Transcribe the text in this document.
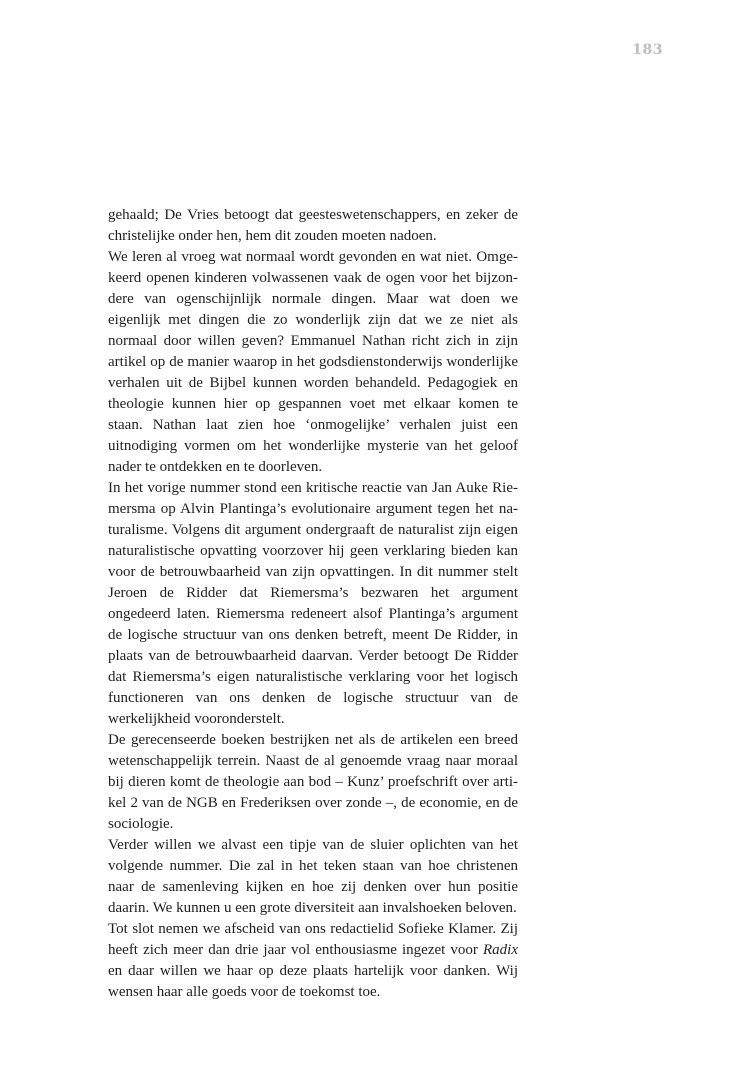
183

gehaald; De Vries betoogt dat geesteswetenschappers, en zeker de christelijke onder hen, hem dit zouden moeten nadoen.

We leren al vroeg wat normaal wordt gevonden en wat niet. Omgekeerd openen kinderen volwassenen vaak de ogen voor het bijzondere van ogenschijnlijk normale dingen. Maar wat doen we eigenlijk met dingen die zo wonderlijk zijn dat we ze niet als normaal door willen geven? Emmanuel Nathan richt zich in zijn artikel op de manier waarop in het godsdienstonderwijs wonderlijke verhalen uit de Bijbel kunnen worden behandeld. Pedagogiek en theologie kunnen hier op gespannen voet met elkaar komen te staan. Nathan laat zien hoe ‘onmogelijke’ verhalen juist een uitnodiging vormen om het wonderlijke mysterie van het geloof nader te ontdekken en te doorleven.

In het vorige nummer stond een kritische reactie van Jan Auke Riemersma op Alvin Plantinga’s evolutionaire argument tegen het naturalisme. Volgens dit argument ondergraaft de naturalist zijn eigen naturalistische opvatting voorzover hij geen verklaring bieden kan voor de betrouwbaarheid van zijn opvattingen. In dit nummer stelt Jeroen de Ridder dat Riemersma’s bezwaren het argument ongedeerd laten. Riemersma redeneert alsof Plantinga’s argument de logische structuur van ons denken betreft, meent De Ridder, in plaats van de betrouwbaarheid daarvan. Verder betoogt De Ridder dat Riemersma’s eigen naturalistische verklaring voor het logisch functioneren van ons denken de logische structuur van de werkelijkheid vooronderstelt.

De gerecenseerde boeken bestrijken net als de artikelen een breed wetenschappelijk terrein. Naast de al genoemde vraag naar moraal bij dieren komt de theologie aan bod – Kunz’ proefschrift over artikel 2 van de NGB en Frederiksen over zonde –, de economie, en de sociologie.

Verder willen we alvast een tipje van de sluier oplichten van het volgende nummer. Die zal in het teken staan van hoe christenen naar de samenleving kijken en hoe zij denken over hun positie daarin. We kunnen u een grote diversiteit aan invalshoeken beloven.

Tot slot nemen we afscheid van ons redactielid Sofieke Klamer. Zij heeft zich meer dan drie jaar vol enthousiasme ingezet voor Radix en daar willen we haar op deze plaats hartelijk voor danken. Wij wensen haar alle goeds voor de toekomst toe.
